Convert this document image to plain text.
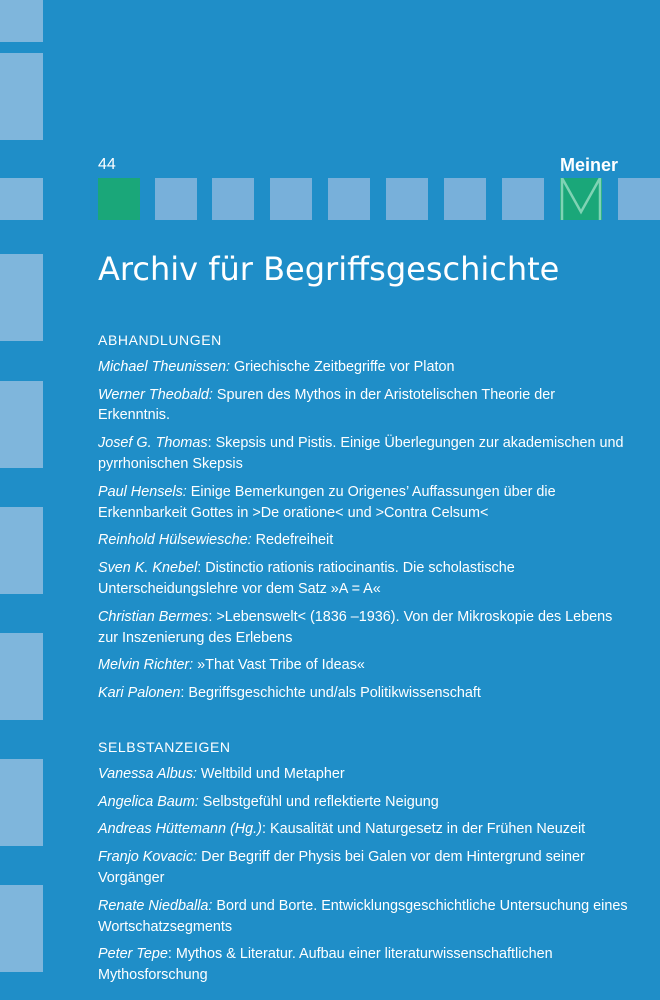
44	Meiner
Archiv für Begriffsgeschichte
ABHANDLUNGEN
Michael Theunissen: Griechische Zeitbegriffe vor Platon
Werner Theobald: Spuren des Mythos in der Aristotelischen Theorie der Erkenntnis.
Josef G. Thomas: Skepsis und Pistis. Einige Überlegungen zur akademischen und pyrrhonischen Skepsis
Paul Hensels: Einige Bemerkungen zu Origenes’ Auffassungen über die Erkennbarkeit Gottes in >De oratione< und >Contra Celsum<
Reinhold Hülsewiesche: Redefreiheit
Sven K. Knebel: Distinctio rationis ratiocinantis. Die scholastische Unterscheidungslehre vor dem Satz »A = A«
Christian Bermes: >Lebenswelt< (1836 –1936). Von der Mikroskopie des Lebens zur Inszenierung des Erlebens
Melvin Richter: »That Vast Tribe of Ideas«
Kari Palonen: Begriffsgeschichte und/als Politikwissenschaft
SELBSTANZEIGEN
Vanessa Albus: Weltbild und Metapher
Angelica Baum: Selbstgefühl und reflektierte Neigung
Andreas Hüttemann (Hg.): Kausalität und Naturgesetz in der Frühen Neuzeit
Franjo Kovacic: Der Begriff der Physis bei Galen vor dem Hintergrund seiner Vorgänger
Renate Niedballa: Bord und Borte. Entwicklungsgeschichtliche Untersuchung eines Wortschatzsegments
Peter Tepe: Mythos & Literatur. Aufbau einer literaturwissenschaftlichen Mythosforschung
